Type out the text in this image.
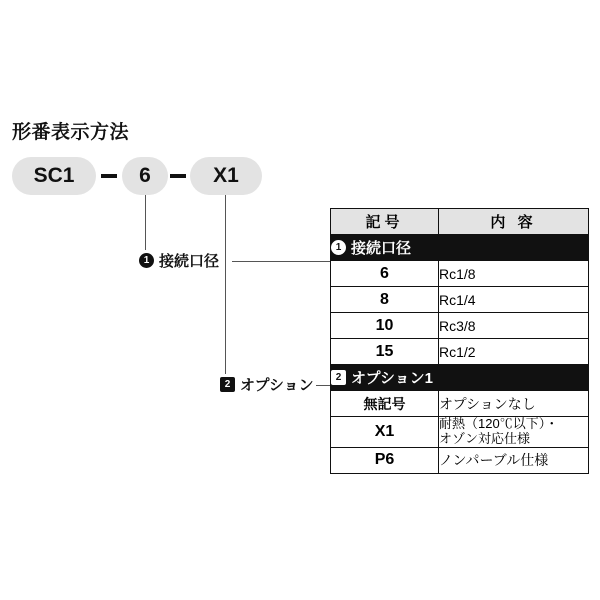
形番表示方法
SC1	6	X1
1 接続口径
2 オプション
記号	内 容

1 接続口径	

6	Rc1/8
8	Rc1/4
10	Rc3/8
15	Rc1/2

2 オプション1	

無記号	オプションなし
X1	耐熱（120℃以下）・
オゾン対応仕様

P6	ノンパーブル仕様
